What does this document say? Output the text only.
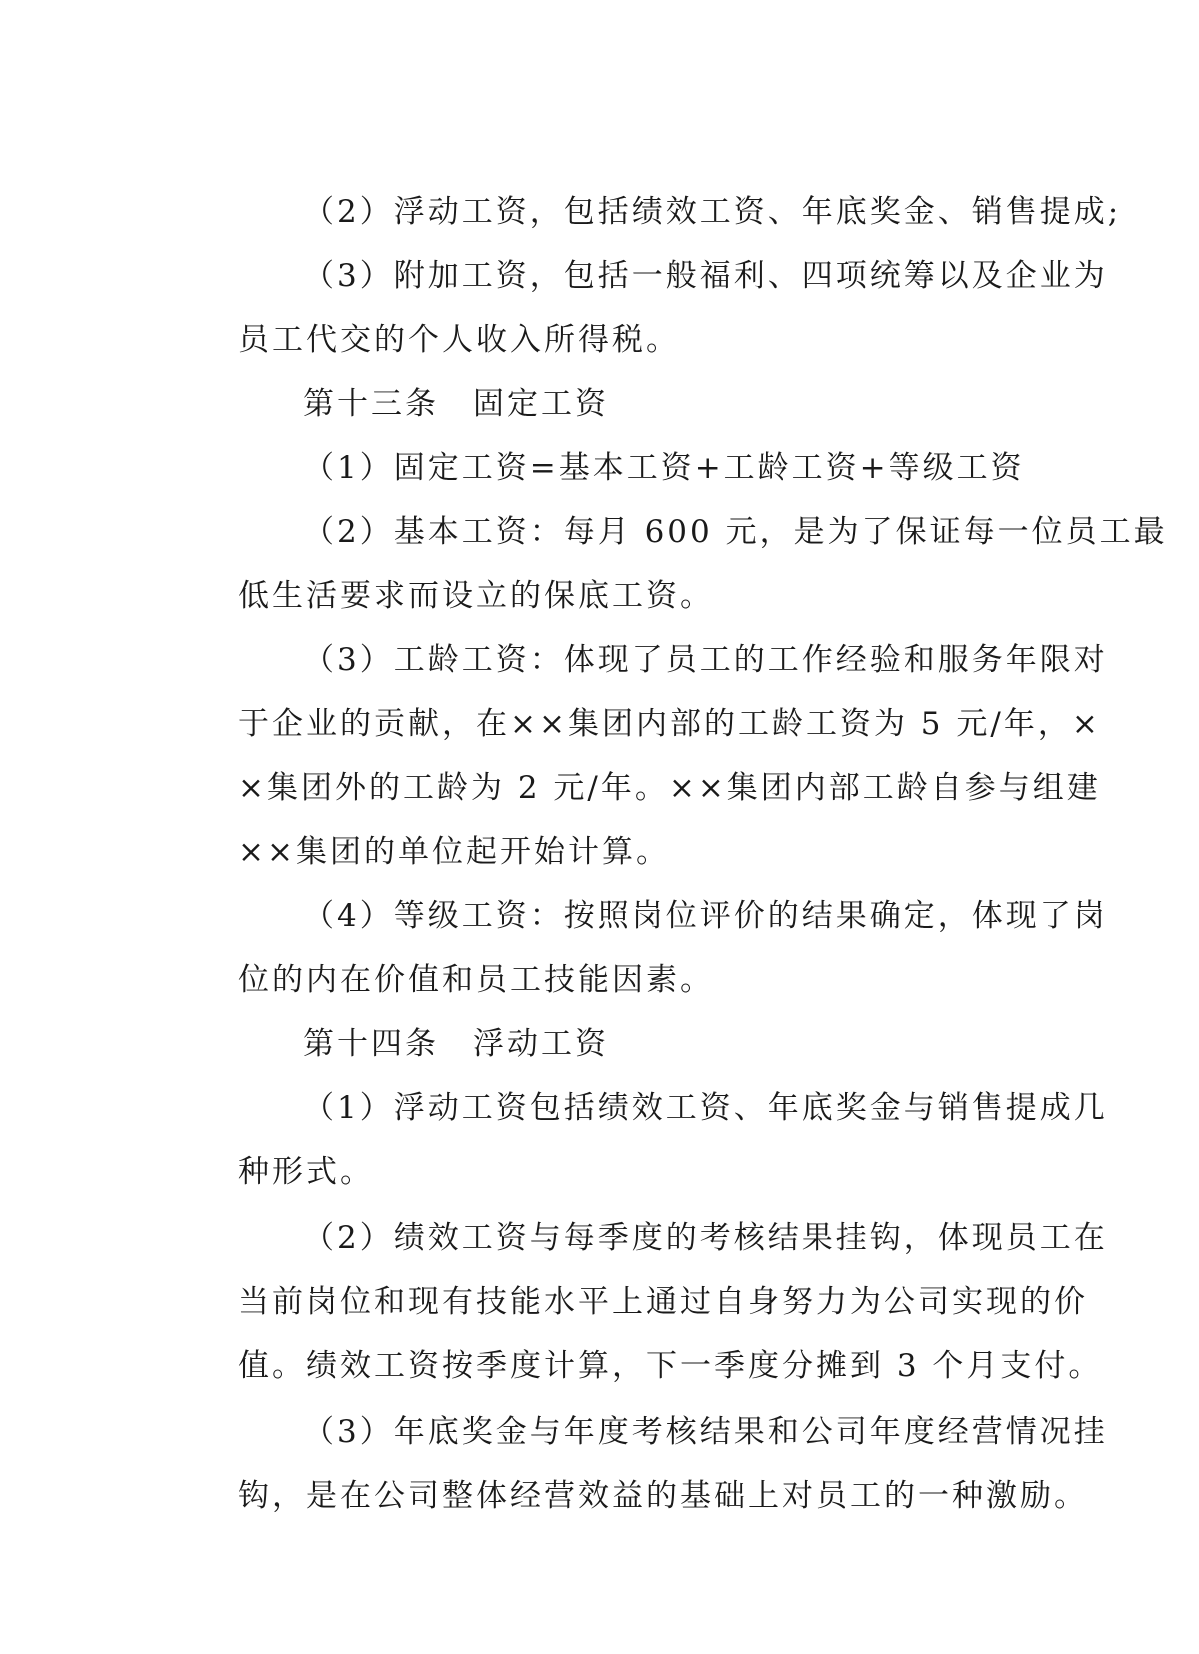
（2）浮动工资，包括绩效工资、年底奖金、销售提成;

（3）附加工资，包括一般福利、四项统筹以及企业为

员工代交的个人收入所得税。

第十三条　固定工资

（1）固定工资=基本工资+工龄工资+等级工资

（2）基本工资：每月 600 元，是为了保证每一位员工最

低生活要求而设立的保底工资。

（3）工龄工资：体现了员工的工作经验和服务年限对

于企业的贡献，在××集团内部的工龄工资为 5 元/年，×

×集团外的工龄为 2 元/年。××集团内部工龄自参与组建

××集团的单位起开始计算。

（4）等级工资：按照岗位评价的结果确定，体现了岗

位的内在价值和员工技能因素。

第十四条　浮动工资

（1）浮动工资包括绩效工资、年底奖金与销售提成几

种形式。

（2）绩效工资与每季度的考核结果挂钩，体现员工在

当前岗位和现有技能水平上通过自身努力为公司实现的价

值。绩效工资按季度计算，下一季度分摊到 3 个月支付。

（3）年底奖金与年度考核结果和公司年度经营情况挂

钩，是在公司整体经营效益的基础上对员工的一种激励。
